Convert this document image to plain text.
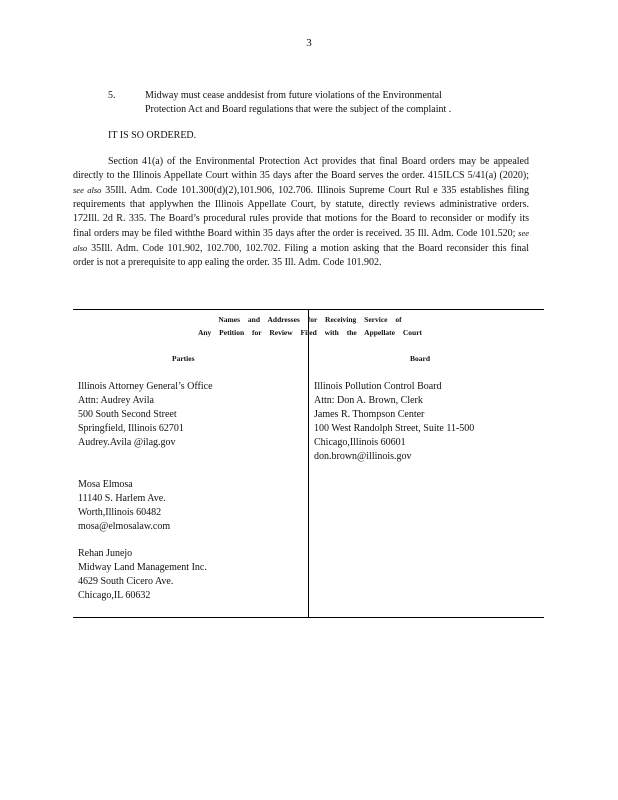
3
5.	Midway must cease anddesist from future violations of the Environmental
Protection Act and Board regulations that were the subject of the complaint .
IT IS SO ORDERED.
Section 41(a) of the Environmental Protection Act provides that final Board orders may be appealed directly to the Illinois Appellate Court within 35 days after the Board serves the order. 415ILCS 5/41(a) (2020); see also 35Ill. Adm. Code 101.300(d)(2),101.906, 102.706. Illinois Supreme Court Rul e 335 establishes filing requirements that applywhen the Illinois Appellate Court, by statute, directly reviews administrative orders. 172Ill. 2d R. 335. The Board’s procedural rules provide that motions for the Board to reconsider or modify its final orders may be filed withthe Board within 35 days after the order is received. 35 Ill. Adm. Code 101.520; see also 35Ill. Adm. Code 101.902, 102.700, 102.702. Filing a motion asking that the Board reconsider this final order is not a prerequisite to app ealing the order. 35 Ill. Adm. Code 101.902.
Names and Addresses for Receiving Service of
Any Petition for Review Filed with the Appellate Court
Parties	Board
Illinois Attorney General’s Office
Attn: Audrey Avila
500 South Second Street
Springfield, Illinois 62701
Audrey.Avila @ilag.gov
Mosa Elmosa
11140 S. Harlem Ave.
Worth,Illinois 60482
mosa@elmosalaw.com
Rehan Junejo
Midway Land Management Inc.
4629 South Cicero Ave.
Chicago,IL 60632
Illinois Pollution Control Board
Attn: Don A. Brown, Clerk
James R. Thompson Center
100 West Randolph Street, Suite 11-500
Chicago,Illinois 60601
don.brown@illinois.gov
